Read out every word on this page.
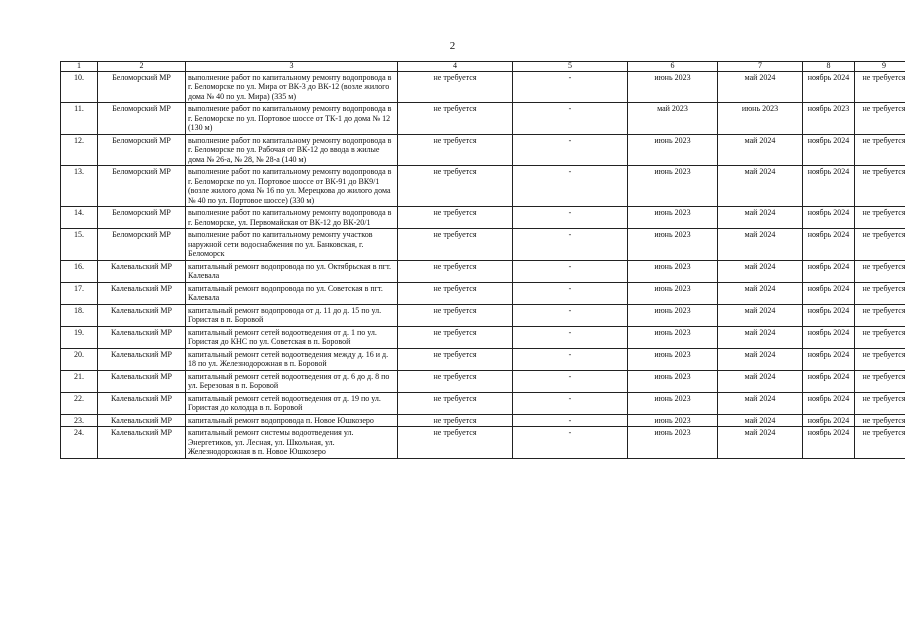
2
1	2	3	4	5	6	7	8	9
10.	Беломорский МР	выполнение работ по капитальному ремонту водопровода в г. Беломорске по ул. Мира от ВК-3 до ВК-12 (возле жилого дома № 40 по ул. Мира) (335 м)	не требуется	-	июнь 2023	май 2024	ноябрь 2024	не требуется
11.	Беломорский МР	выполнение работ по капитальному ремонту водопровода в г. Беломорске по ул. Портовое шоссе от ТК-1 до дома № 12 (130 м)	не требуется	-	май 2023	июнь 2023	ноябрь 2023	не требуется
12.	Беломорский МР	выполнение работ по капитальному ремонту водопровода в г. Беломорске по ул. Рабочая от ВК-12 до ввода в жилые дома № 26-а, № 28, № 28-а (140 м)	не требуется	-	июнь 2023	май 2024	ноябрь 2024	не требуется
13.	Беломорский МР	выполнение работ по капитальному ремонту водопровода в г. Беломорске по ул. Портовое шоссе от ВК-91 до ВК9/1 (возле жилого дома № 16 по ул. Мерецкова до жилого дома № 40 по ул. Портовое шоссе) (330 м)	не требуется	-	июнь 2023	май 2024	ноябрь 2024	не требуется
14.	Беломорский МР	выполнение работ по капитальному ремонту водопровода в г. Беломорске, ул. Первомайская от ВК-12 до ВК-20/1	не требуется	-	июнь 2023	май 2024	ноябрь 2024	не требуется
15.	Беломорский МР	выполнение работ по капитальному ремонту участков наружной сети водоснабжения по ул. Банковская, г. Беломорск	не требуется	-	июнь 2023	май 2024	ноябрь 2024	не требуется
16.	Калевальский МР	капитальный ремонт водопровода по ул. Октябрьская в пгт. Калевала	не требуется	-	июнь 2023	май 2024	ноябрь 2024	не требуется
17.	Калевальский МР	капитальный ремонт водопровода по ул. Советская в пгт. Калевала	не требуется	-	июнь 2023	май 2024	ноябрь 2024	не требуется
18.	Калевальский МР	капитальный ремонт водопровода от д. 11 до д. 15 по ул. Гористая в п. Боровой	не требуется	-	июнь 2023	май 2024	ноябрь 2024	не требуется
19.	Калевальский МР	капитальный ремонт сетей водоотведения от д. 1 по ул. Гористая до КНС по ул. Советская в п. Боровой	не требуется	-	июнь 2023	май 2024	ноябрь 2024	не требуется
20.	Калевальский МР	капитальный ремонт сетей водоотведения между д. 16 и д. 18 по ул. Железнодорожная в п. Боровой	не требуется	-	июнь 2023	май 2024	ноябрь 2024	не требуется
21.	Калевальский МР	капитальный ремонт сетей водоотведения от д. 6 до д. 8 по ул. Березовая в п. Боровой	не требуется	-	июнь 2023	май 2024	ноябрь 2024	не требуется
22.	Калевальский МР	капитальный ремонт сетей водоотведения от д. 19 по ул. Гористая до колодца в п. Боровой	не требуется	-	июнь 2023	май 2024	ноябрь 2024	не требуется
23.	Калевальский МР	капитальный ремонт водопровода п. Новое Юшкозеро	не требуется	-	июнь 2023	май 2024	ноябрь 2024	не требуется
24.	Калевальский МР	капитальный ремонт системы водоотведения ул. Энергетиков, ул. Лесная, ул. Школьная, ул. Железнодорожная в п. Новое Юшкозеро	не требуется	-	июнь 2023	май 2024	ноябрь 2024	не требуется
